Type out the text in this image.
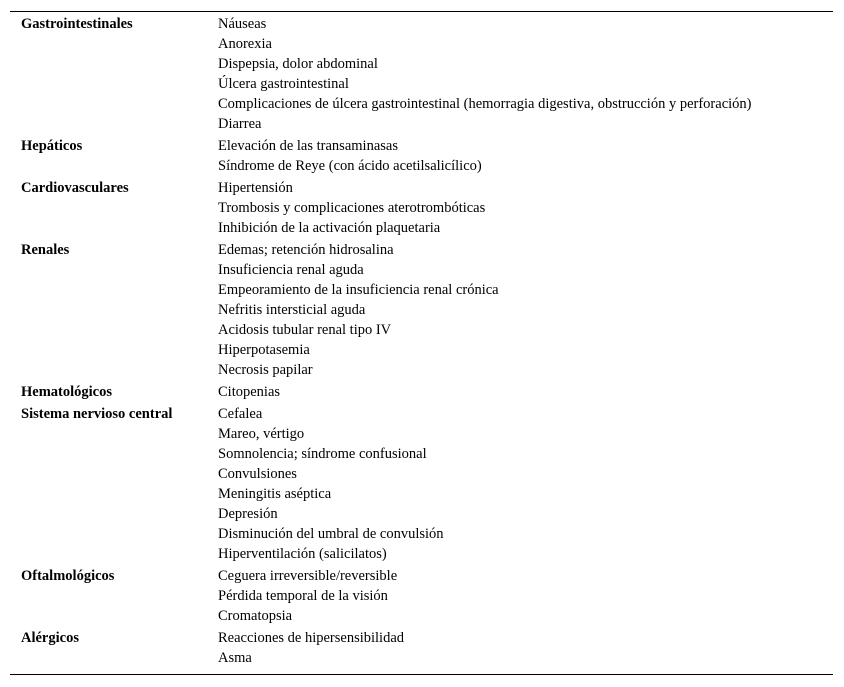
Gastrointestinales	Náuseas
Anorexia
Dispepsia, dolor abdominal
Úlcera gastrointestinal
Complicaciones de úlcera gastrointestinal (hemorragia digestiva, obstrucción y perforación)
Diarrea
Hepáticos	Elevación de las transaminasas
Síndrome de Reye (con ácido acetilsalicílico)
Cardiovasculares	Hipertensión
Trombosis y complicaciones aterotrombóticas
Inhibición de la activación plaquetaria
Renales	Edemas; retención hidrosalina
Insuficiencia renal aguda
Empeoramiento de la insuficiencia renal crónica
Nefritis intersticial aguda
Acidosis tubular renal tipo IV
Hiperpotasemia
Necrosis papilar
Hematológicos	Citopenias
Sistema nervioso central	Cefalea
Mareo, vértigo
Somnolencia; síndrome confusional
Convulsiones
Meningitis aséptica
Depresión
Disminución del umbral de convulsión
Hiperventilación (salicilatos)
Oftalmológicos	Ceguera irreversible/reversible
Pérdida temporal de la visión
Cromatopsia
Alérgicos	Reacciones de hipersensibilidad
Asma
